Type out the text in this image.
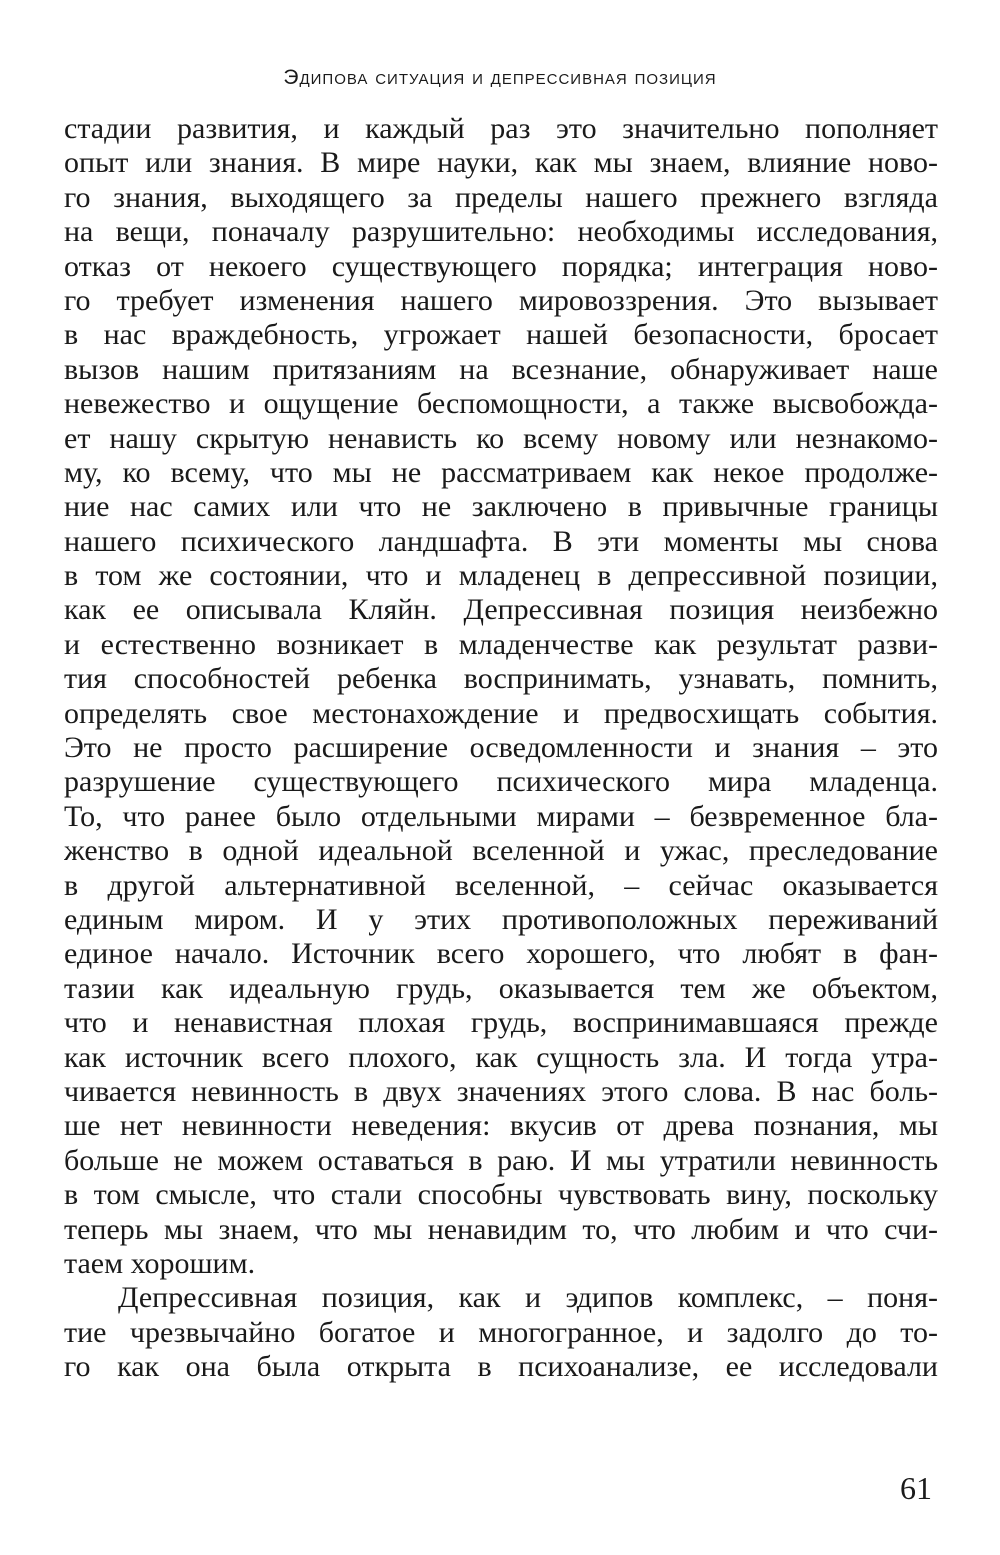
Эдипова ситуация и депрессивная позиция
стадии развития, и каждый раз это значительно пополняет
опыт или знания. В мире науки, как мы знаем, влияние ново-
го знания, выходящего за пределы нашего прежнего взгляда
на вещи, поначалу разрушительно: необходимы исследования,
отказ от некоего существующего порядка; интеграция ново-
го требует изменения нашего мировоззрения. Это вызывает
в нас враждебность, угрожает нашей безопасности, бросает
вызов нашим притязаниям на всезнание, обнаруживает наше
невежество и ощущение беспомощности, а также высвобожда-
ет нашу скрытую ненависть ко всему новому или незнакомо-
му, ко всему, что мы не рассматриваем как некое продолже-
ние нас самих или что не заключено в привычные границы
нашего психического ландшафта. В эти моменты мы снова
в том же состоянии, что и младенец в депрессивной позиции,
как ее описывала Кляйн. Депрессивная позиция неизбежно
и естественно возникает в младенчестве как результат разви-
тия способностей ребенка воспринимать, узнавать, помнить,
определять свое местонахождение и предвосхищать события.
Это не просто расширение осведомленности и знания – это
разрушение существующего психического мира младенца.
То, что ранее было отдельными мирами – безвременное бла-
женство в одной идеальной вселенной и ужас, преследование
в другой альтернативной вселенной, – сейчас оказывается
единым миром. И у этих противоположных переживаний
единое начало. Источник всего хорошего, что любят в фан-
тазии как идеальную грудь, оказывается тем же объектом,
что и ненавистная плохая грудь, воспринимавшаяся прежде
как источник всего плохого, как сущность зла. И тогда утра-
чивается невинность в двух значениях этого слова. В нас боль-
ше нет невинности неведения: вкусив от древа познания, мы
больше не можем оставаться в раю. И мы утратили невинность
в том смысле, что стали способны чувствовать вину, поскольку
теперь мы знаем, что мы ненавидим то, что любим и что счи-
таем хорошим.
Депрессивная позиция, как и эдипов комплекс, – поня-
тие чрезвычайно богатое и многогранное, и задолго до то-
го как она была открыта в психоанализе, ее исследовали
61
